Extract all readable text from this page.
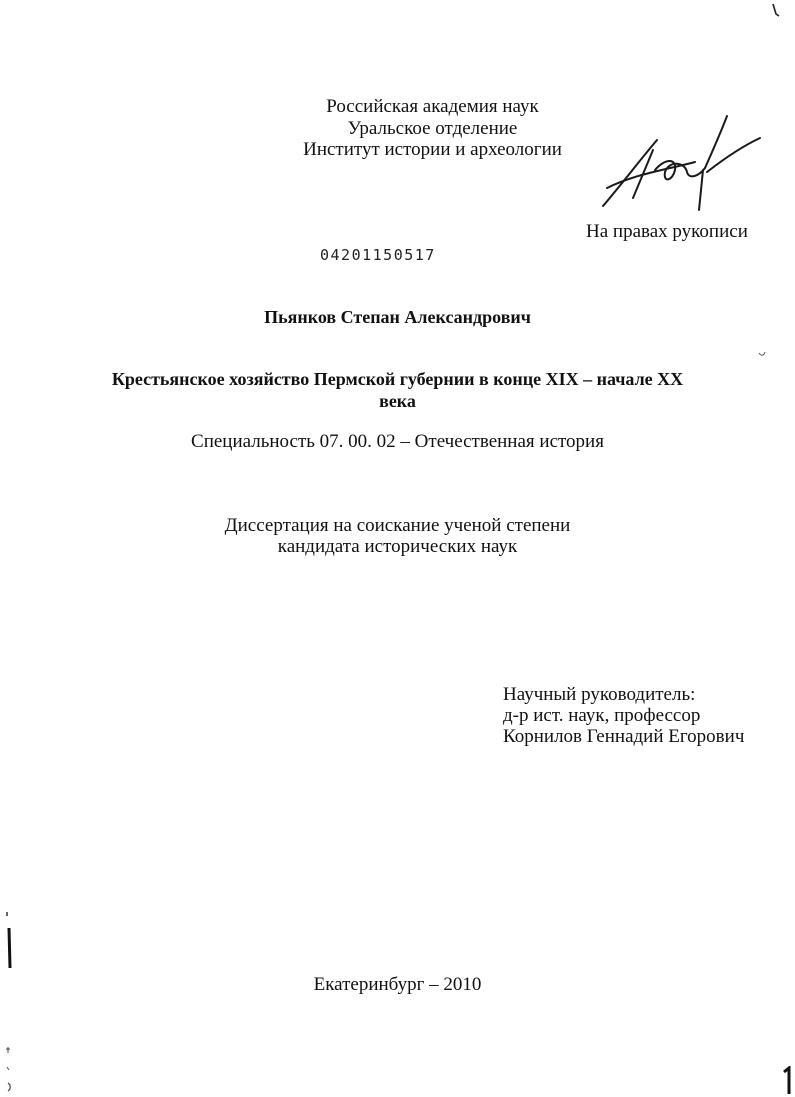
Российская академия наук
Уральское отделение
Институт истории и археологии
На правах рукописи
04201150517
Пьянков Степан Александрович
Крестьянское хозяйство Пермской губернии в конце XIX – начале XX
века
Специальность 07. 00. 02 – Отечественная история
Диссертация на соискание ученой степени
кандидата исторических наук
Научный руководитель:
д-р ист. наук, профессор
Корнилов Геннадий Егорович
Екатеринбург – 2010
